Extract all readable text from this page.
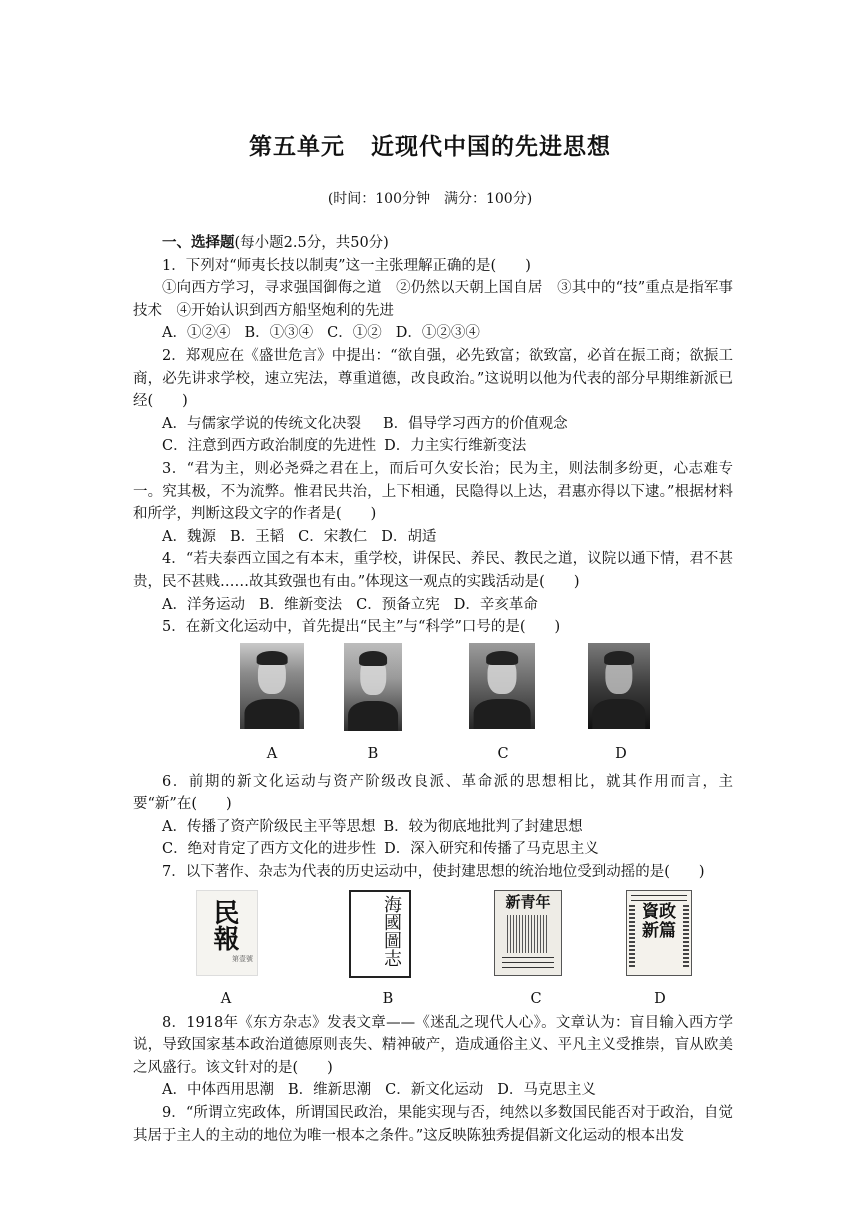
第五单元 近现代中国的先进思想
(时间：100分钟　满分：100分)

一、选择题(每小题2.5分，共50分)

1．下列对“师夷长技以制夷”这一主张理解正确的是(　　)

①向西方学习，寻求强国御侮之道　②仍然以天朝上国自居　③其中的“技”重点是指军事技术　④开始认识到西方船坚炮利的先进

A．①②④ B．①③④ C．①② D．①②③④

2．郑观应在《盛世危言》中提出：“欲自强，必先致富；欲致富，必首在振工商；欲振工商，必先讲求学校，速立宪法，尊重道德，改良政治。”这说明以他为代表的部分早期维新派已经(　　)

A．与儒家学说的传统文化决裂 B．倡导学习西方的价值观念

C．注意到西方政治制度的先进性 D．力主实行维新变法

3．“君为主，则必尧舜之君在上，而后可久安长治；民为主，则法制多纷更，心志难专一。究其极，不为流弊。惟君民共治，上下相通，民隐得以上达，君惠亦得以下逮。”根据材料和所学，判断这段文字的作者是(　　)

A．魏源 B．王韬 C．宋教仁 D．胡适

4．“若夫泰西立国之有本末，重学校，讲保民、养民、教民之道，议院以通下情，君不甚贵，民不甚贱……故其致强也有由。”体现这一观点的实践活动是(　　)

A．洋务运动 B．维新变法 C．预备立宪 D．辛亥革命

5．在新文化运动中，首先提出“民主”与“科学”口号的是(　　)

A	B	C	D

6．前期的新文化运动与资产阶级改良派、革命派的思想相比，就其作用而言，主要“新”在(　　)

A．传播了资产阶级民主平等思想 B．较为彻底地批判了封建思想

C．绝对肯定了西方文化的进步性 D．深入研究和传播了马克思主义

7．以下著作、杂志为代表的历史运动中，使封建思想的统治地位受到动摇的是(　　)

民報
第壹號	海國圖志	新青年	資政新篇
A	B	C	D

8．1918年《东方杂志》发表文章——《迷乱之现代人心》。文章认为：盲目输入西方学说，导致国家基本政治道德原则丧失、精神破产，造成通俗主义、平凡主义受推崇，盲从欧美之风盛行。该文针对的是(　　)

A．中体西用思潮 B．维新思潮 C．新文化运动 D．马克思主义

9．“所谓立宪政体，所谓国民政治，果能实现与否，纯然以多数国民能否对于政治，自觉其居于主人的主动的地位为唯一根本之条件。”这反映陈独秀提倡新文化运动的根本出发
